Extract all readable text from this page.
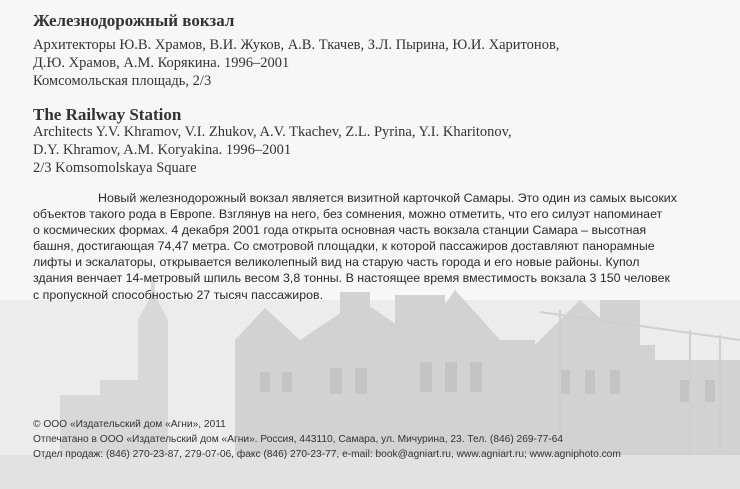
Железнодорожный вокзал

Архитекторы Ю.В. Храмов, В.И. Жуков, А.В. Ткачев, З.Л. Пырина, Ю.И. Харитонов,

Д.Ю. Храмов, А.М. Корякина. 1996–2001

Комсомольская площадь, 2/3

The Railway Station

Architects Y.V. Khramov, V.I. Zhukov, A.V. Tkachev, Z.L. Pyrina, Y.I. Kharitonov,

D.Y. Khramov, A.M. Koryakina. 1996–2001

2/3 Komsomolskaya Square

Новый железнодорожный вокзал является визитной карточкой Самары. Это один из самых высоких
объектов такого рода в Европе. Взглянув на него, без сомнения, можно отметить, что его силуэт напоминает
о космических формах. 4 декабря 2001 года открыта основная часть вокзала станции Самара – высотная
башня, достигающая 74,47 метра. Со смотровой площадки, к которой пассажиров доставляют панорамные
лифты и эскалаторы, открывается великолепный вид на старую часть города и его новые районы. Купол
здания венчает 14-метровый шпиль весом 3,8 тонны. В настоящее время вместимость вокзала 3 150 человек
с пропускной способностью 27 тысяч пассажиров.

© ООО «Издательский дом «Агни», 2011

Отпечатано в ООО «Издательский дом «Агни». Россия, 443110, Самара, ул. Мичурина, 23. Тел. (846) 269-77-64

Отдел продаж: (846) 270-23-87, 279-07-06, факс (846) 270-23-77, e-mail: book@agniart.ru, www.agniart.ru; www.agniphoto.com
